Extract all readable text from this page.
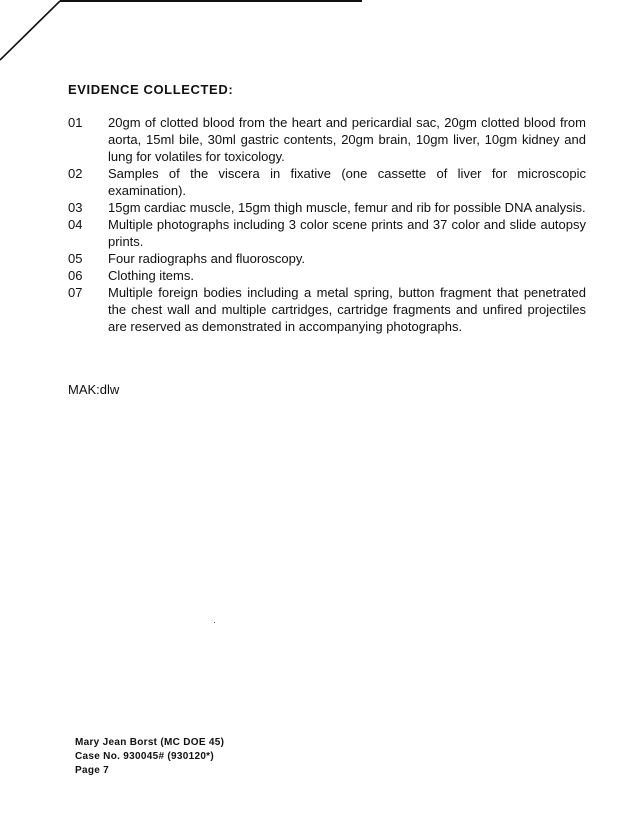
EVIDENCE COLLECTED:
01	20gm of clotted blood from the heart and pericardial sac, 20gm clotted blood from aorta, 15ml bile, 30ml gastric contents, 20gm brain, 10gm liver, 10gm kidney and lung for volatiles for toxicology.
02	Samples of the viscera in fixative (one cassette of liver for microscopic examination).
03	15gm cardiac muscle, 15gm thigh muscle, femur and rib for possible DNA analysis.
04	Multiple photographs including 3 color scene prints and 37 color and slide autopsy prints.
05	Four radiographs and fluoroscopy.
06	Clothing items.
07	Multiple foreign bodies including a metal spring, button fragment that penetrated the chest wall and multiple cartridges, cartridge fragments and unfired projectiles are reserved as demonstrated in accompanying photographs.

MAK:dlw

Mary Jean Borst (MC DOE 45)
Case No. 930045# (930120*)
Page 7
